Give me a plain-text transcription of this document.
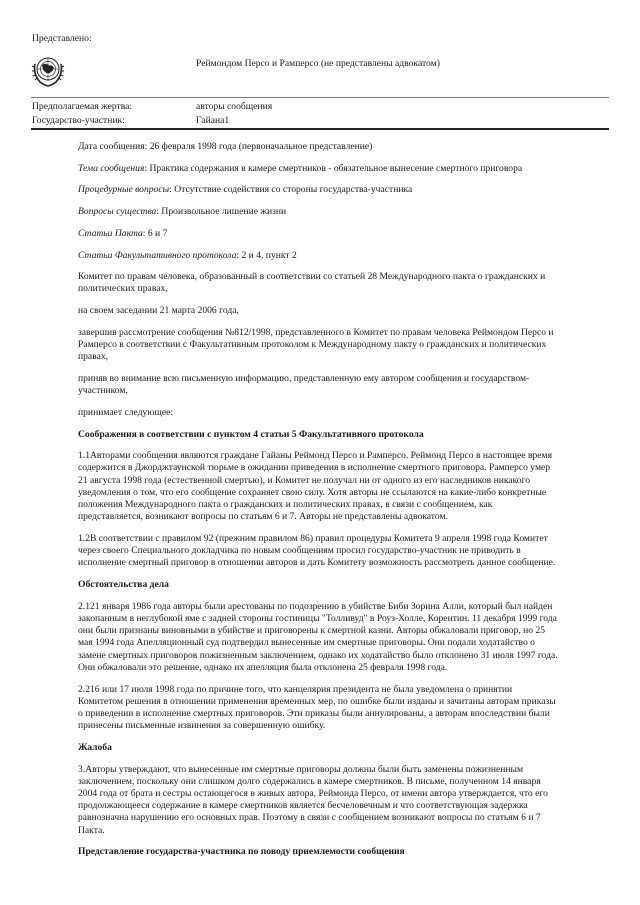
Представлено:
Реймондом Персо и Рамперсо (не представлены адвокатом)
Предполагаемая жертва:	авторы сообщения
Государство-участник:	Гайана1

Дата сообщения: 26 февраля 1998 года (первоначальное представление)

Тема сообщения: Практика содержания в камере смертников - обязательное вынесение смертного приговора

Процедурные вопросы: Отсутствие содействия со стороны государства-участника

Вопросы существа: Произвольное лишение жизни

Статьи Пакта: 6 и 7

Статьи Факультативного протокола: 2 и 4, пункт 2

Комитет по правам человека, образованный в соответствии со статьей 28 Международного пакта о гражданских и политических правах,

на своем заседании 21 марта 2006 года,

завершив рассмотрение сообщения №812/1998, представленного в Комитет по правам человека Реймондом Персо и Рамперсо в соответствии с Факультативным протоколом к Международному пакту о гражданских и политических правах,

приняв во внимание всю письменную информацию, представленную ему автором сообщения и государством-участником,

принимает следующее:

Соображения в соответствии с пунктом 4 статьи 5 Факультативного протокола

1.1Авторами сообщения являются граждане Гайаны Реймонд Персо и Рамперсо. Реймонд Персо в настоящее время содержится в Джорджтаунской тюрьме в ожидании приведения в исполнение смертного приговора. Рамперсо умер 21 августа 1998 года (естественной смертью), и Комитет не получал ни от одного из его наследников никакого уведомления о том, что его сообщение сохраняет свою силу. Хотя авторы не ссылаются на какие-либо конкретные положения Международного пакта о гражданских и политических правах, в связи с сообщением, как представляется, возникают вопросы по статьям 6 и 7. Авторы не представлены адвокатом.

1.2В соответствии с правилом 92 (прежним правилом 86) правил процедуры Комитета 9 апреля 1998 года Комитет через своего Специального докладчика по новым сообщениям просил государство-участник не приводить в исполнение смертный приговор в отношении авторов и дать Комитету возможность рассмотреть данное сообщение.

Обстоятельства дела

2.121 января 1986 года авторы были арестованы по подозрению в убийстве Биби Зорина Алли, который был найден закопанным в неглубокой яме с задней стороны гостиницы "Толливуд" в Роуз-Холле, Корентин. 11 декабря 1999 года они были признаны виновными в убийстве и приговорены к смертной казни. Авторы обжаловали приговор, но 25 мая 1994 года Апелляционный суд подтвердил вынесенные им смертные приговоры. Они подали ходатайство о замене смертных приговоров пожизненным заключением, однако их ходатайство было отклонено 31 июля 1997 года. Они обжаловали это решение, однако их апелляция была отклонена 25 февраля 1998 года.

2.216 или 17 июля 1998 года по причине того, что канцелярия президента не была уведомлена о принятии Комитетом решения в отношении применения временных мер, по ошибке были изданы и зачитаны авторам приказы о приведении в исполнение смертных приговоров. Эти приказы были аннулированы, а авторам впоследствии были принесены письменные извинения за совершенную ошибку.

Жалоба

3.Авторы утверждают, что вынесенные им смертные приговоры должны были быть заменены пожизненным заключением, поскольку они слишком долго содержались в камере смертников. В письме, полученном 14 января 2004 года от брата и сестры остающегося в живых автора, Реймонда Персо, от имени автора утверждается, что его продолжающееся содержание в камере смертников является бесчеловечным и что соответствующая задержка равнозначна нарушению его основных прав. Поэтому в связи с сообщением возникают вопросы по статьям 6 и 7 Пакта.

Представление государства-участника по поводу приемлемости сообщения
